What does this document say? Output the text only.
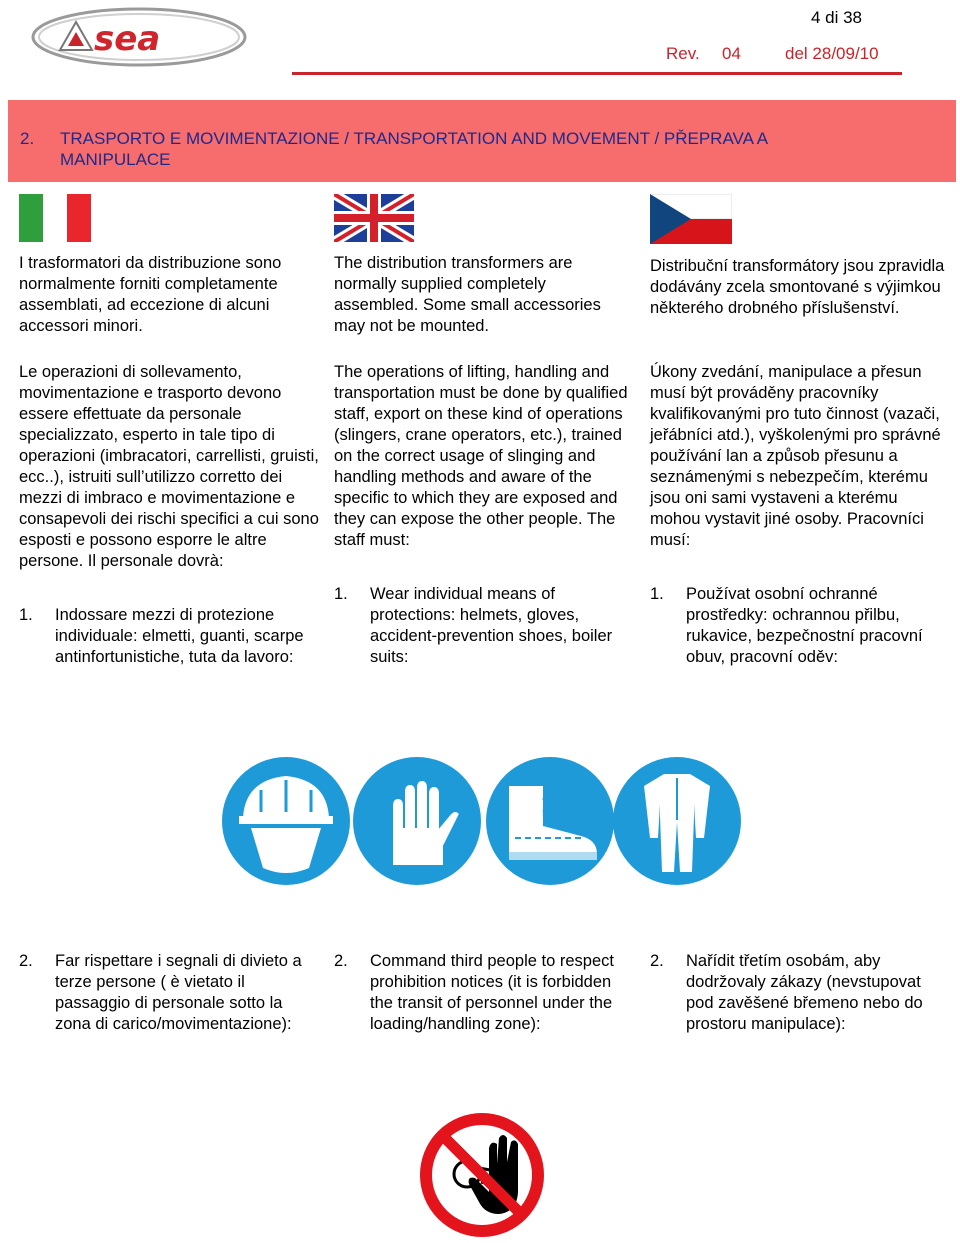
sea
4 di 38
Rev. 04	del 28/09/10
2. TRASPORTO E MOVIMENTAZIONE / TRANSPORTATION AND MOVEMENT / PŘEPRAVA A MANIPULACE

I trasformatori da distribuzione sono normalmente forniti completamente assemblati, ad eccezione di alcuni accessori minori.

Le operazioni di sollevamento, movimentazione e trasporto devono essere effettuate da personale specializzato, esperto in tale tipo di operazioni (imbracatori, carrellisti, gruisti, ecc..), istruiti sull’utilizzo corretto dei mezzi di imbraco e movimentazione e consapevoli dei rischi specifici a cui sono esposti e possono esporre le altre persone. Il personale dovrà:

1. Indossare mezzi di protezione individuale: elmetti, guanti, scarpe antinfortunistiche, tuta da lavoro:

The distribution transformers are normally supplied completely assembled. Some small accessories may not be mounted.

The operations of lifting, handling and transportation must be done by qualified staff, export on these kind of operations (slingers, crane operators, etc.), trained on the correct usage of slinging and handling methods and aware of the specific to which they are exposed and they can expose the other people. The staff must:

1. Wear individual means of protections: helmets, gloves, accident-prevention shoes, boiler suits:

Distribuční transformátory jsou zpravidla dodávány zcela smontované s výjimkou některého drobného příslušenství.

Úkony zvedání, manipulace a přesun musí být prováděny pracovníky kvalifikovanými pro tuto činnost (vazači, jeřábníci atd.), vyškolenými pro správné používání lan a způsob přesunu a seznámenými s nebezpečím, kterému jsou oni sami vystaveni a kterému mohou vystavit jiné osoby. Pracovníci musí:

1. Používat osobní ochranné prostředky: ochrannou přilbu, rukavice, bezpečnostní pracovní obuv, pracovní oděv:
2. Far rispettare i segnali di divieto a terze persone ( è vietato il passaggio di personale sotto la zona di carico/movimentazione):
2. Command third people to respect prohibition notices (it is forbidden the transit of personnel under the loading/handling zone):
2. Nařídit třetím osobám, aby dodržovaly zákazy (nevstupovat pod zavěšené břemeno nebo do prostoru manipulace):
